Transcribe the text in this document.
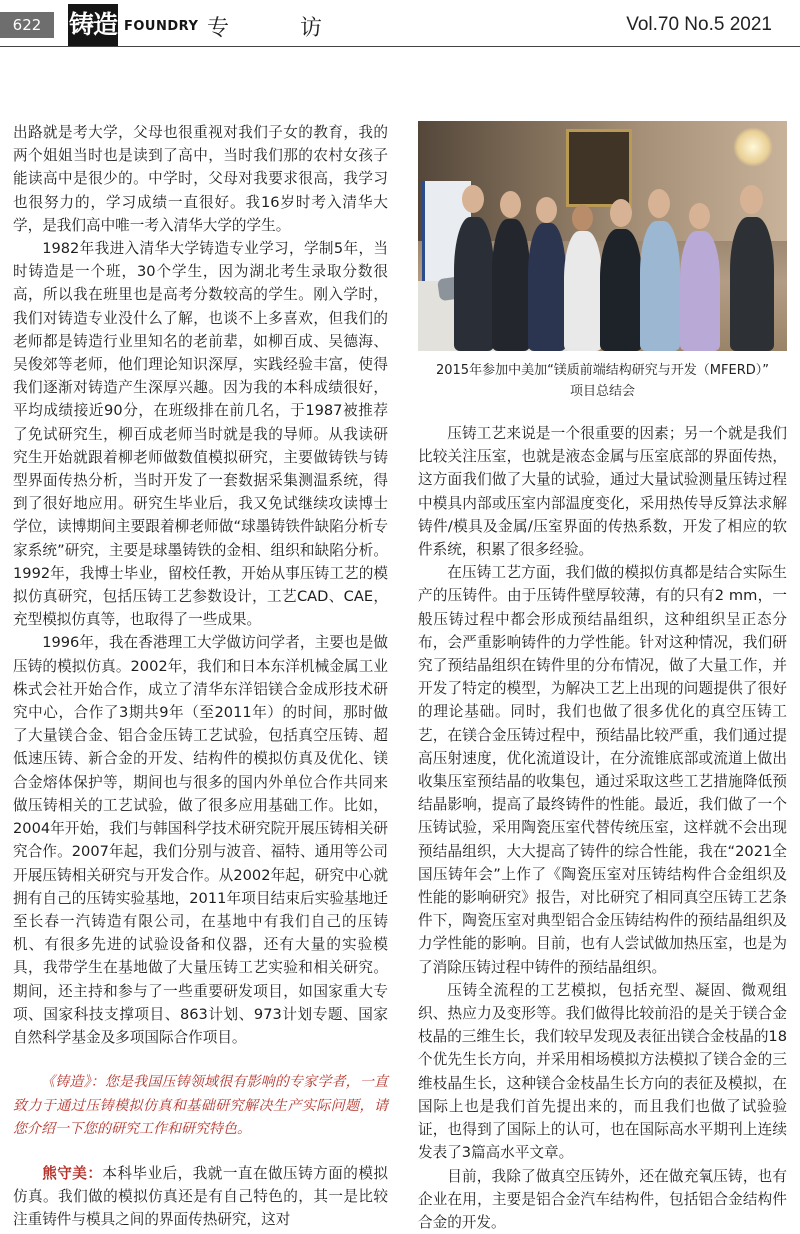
622	铸造 FOUNDRY 专 访	Vol.70 No.5 2021

出路就是考大学，父母也很重视对我们子女的教育，我的两个姐姐当时也是读到了高中，当时我们那的农村女孩子能读高中是很少的。中学时，父母对我要求很高，我学习也很努力的，学习成绩一直很好。我16岁时考入清华大学，是我们高中唯一考入清华大学的学生。

1982年我进入清华大学铸造专业学习，学制5年，当时铸造是一个班，30个学生，因为湖北考生录取分数很高，所以我在班里也是高考分数较高的学生。刚入学时，我们对铸造专业没什么了解，也谈不上多喜欢，但我们的老师都是铸造行业里知名的老前辈，如柳百成、吴德海、吴俊郊等老师，他们理论知识深厚，实践经验丰富，使得我们逐渐对铸造产生深厚兴趣。因为我的本科成绩很好，平均成绩接近90分，在班级排在前几名，于1987被推荐了免试研究生，柳百成老师当时就是我的导师。从我读研究生开始就跟着柳老师做数值模拟研究，主要做铸铁与铸型界面传热分析，当时开发了一套数据采集测温系统，得到了很好地应用。研究生毕业后，我又免试继续攻读博士学位，读博期间主要跟着柳老师做“球墨铸铁件缺陷分析专家系统”研究，主要是球墨铸铁的金相、组织和缺陷分析。1992年，我博士毕业，留校任教，开始从事压铸工艺的模拟仿真研究，包括压铸工艺参数设计，工艺CAD、CAE，充型模拟仿真等，也取得了一些成果。

1996年，我在香港理工大学做访问学者，主要也是做压铸的模拟仿真。2002年，我们和日本东洋机械金属工业株式会社开始合作，成立了清华东洋铝镁合金成形技术研究中心，合作了3期共9年（至2011年）的时间，那时做了大量镁合金、铝合金压铸工艺试验，包括真空压铸、超低速压铸、新合金的开发、结构件的模拟仿真及优化、镁合金熔体保护等，期间也与很多的国内外单位合作共同来做压铸相关的工艺试验，做了很多应用基础工作。比如，2004年开始，我们与韩国科学技术研究院开展压铸相关研究合作。2007年起，我们分别与波音、福特、通用等公司开展压铸相关研究与开发合作。从2002年起，研究中心就拥有自己的压铸实验基地，2011年项目结束后实验基地迁至长春一汽铸造有限公司，在基地中有我们自己的压铸机、有很多先进的试验设备和仪器，还有大量的实验模具，我带学生在基地做了大量压铸工艺实验和相关研究。期间，还主持和参与了一些重要研发项目，如国家重大专项、国家科技支撑项目、863计划、973计划专题、国家自然科学基金及多项国际合作项目。

《铸造》：您是我国压铸领域很有影响的专家学者，一直致力于通过压铸模拟仿真和基础研究解决生产实际问题，请您介绍一下您的研究工作和研究特色。

熊守美：本科毕业后，我就一直在做压铸方面的模拟仿真。我们做的模拟仿真还是有自己特色的，其一是比较注重铸件与模具之间的界面传热研究，这对

2015年参加中美加“镁质前端结构研究与开发（MFERD）”
项目总结会

压铸工艺来说是一个很重要的因素；另一个就是我们比较关注压室，也就是液态金属与压室底部的界面传热，这方面我们做了大量的试验，通过大量试验测量压铸过程中模具内部或压室内部温度变化，采用热传导反算法求解铸件/模具及金属/压室界面的传热系数，开发了相应的软件系统，积累了很多经验。

在压铸工艺方面，我们做的模拟仿真都是结合实际生产的压铸件。由于压铸件壁厚较薄，有的只有2 mm，一般压铸过程中都会形成预结晶组织，这种组织呈正态分布，会严重影响铸件的力学性能。针对这种情况，我们研究了预结晶组织在铸件里的分布情况，做了大量工作，并开发了特定的模型，为解决工艺上出现的问题提供了很好的理论基础。同时，我们也做了很多优化的真空压铸工艺，在镁合金压铸过程中，预结晶比较严重，我们通过提高压射速度，优化流道设计，在分流锥底部或流道上做出收集压室预结晶的收集包，通过采取这些工艺措施降低预结晶影响，提高了最终铸件的性能。最近，我们做了一个压铸试验，采用陶瓷压室代替传统压室，这样就不会出现预结晶组织，大大提高了铸件的综合性能，我在“2021全国压铸年会”上作了《陶瓷压室对压铸结构件合金组织及性能的影响研究》报告，对比研究了相同真空压铸工艺条件下，陶瓷压室对典型铝合金压铸结构件的预结晶组织及力学性能的影响。目前，也有人尝试做加热压室，也是为了消除压铸过程中铸件的预结晶组织。

压铸全流程的工艺模拟，包括充型、凝固、微观组织、热应力及变形等。我们做得比较前沿的是关于镁合金枝晶的三维生长，我们较早发现及表征出镁合金枝晶的18个优先生长方向，并采用相场模拟方法模拟了镁合金的三维枝晶生长，这种镁合金枝晶生长方向的表征及模拟，在国际上也是我们首先提出来的，而且我们也做了试验验证，也得到了国际上的认可，也在国际高水平期刊上连续发表了3篇高水平文章。

目前，我除了做真空压铸外，还在做充氧压铸，也有企业在用，主要是铝合金汽车结构件，包括铝合金结构件合金的开发。
